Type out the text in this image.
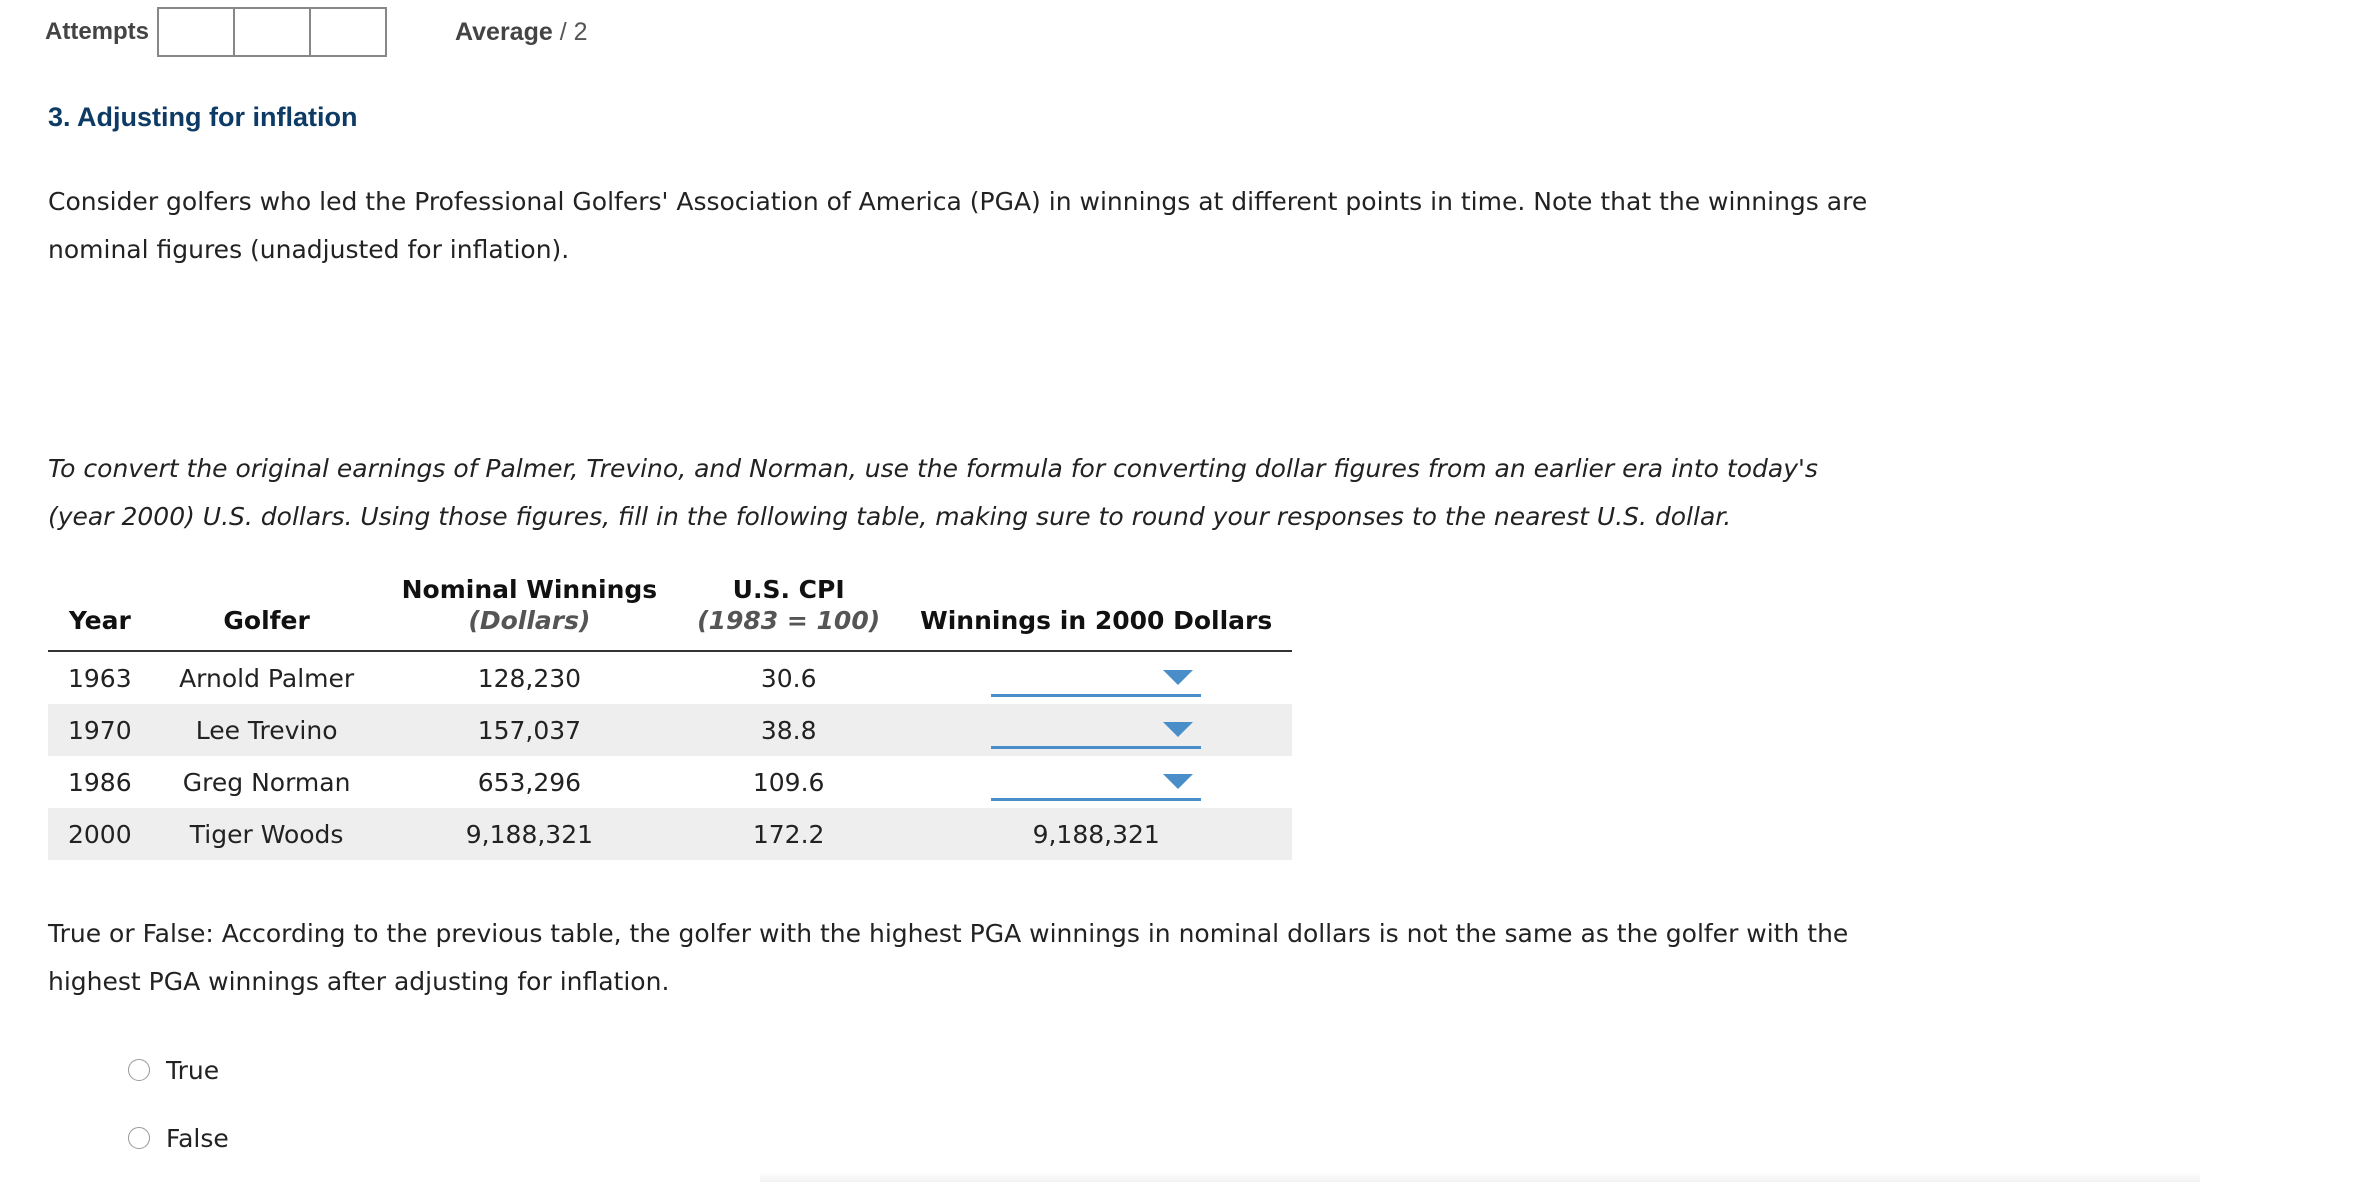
Attempts	Average / 2
3. Adjusting for inflation
Consider golfers who led the Professional Golfers' Association of America (PGA) in winnings at different points in time. Note that the winnings are nominal figures (unadjusted for inflation).
To convert the original earnings of Palmer, Trevino, and Norman, use the formula for converting dollar figures from an earlier era into today's (year 2000) U.S. dollars. Using those figures, fill in the following table, making sure to round your responses to the nearest U.S. dollar.
		Nominal Winnings	U.S. CPI	
Year	Golfer	(Dollars)	(1983 = 100)	Winnings in 2000 Dollars
1963	Arnold Palmer	128,230	30.6	

1970	Lee Trevino	157,037	38.8	

1986	Greg Norman	653,296	109.6	

2000	Tiger Woods	9,188,321	172.2	9,188,321
True or False: According to the previous table, the golfer with the highest PGA winnings in nominal dollars is not the same as the golfer with the highest PGA winnings after adjusting for inflation.
True
False
